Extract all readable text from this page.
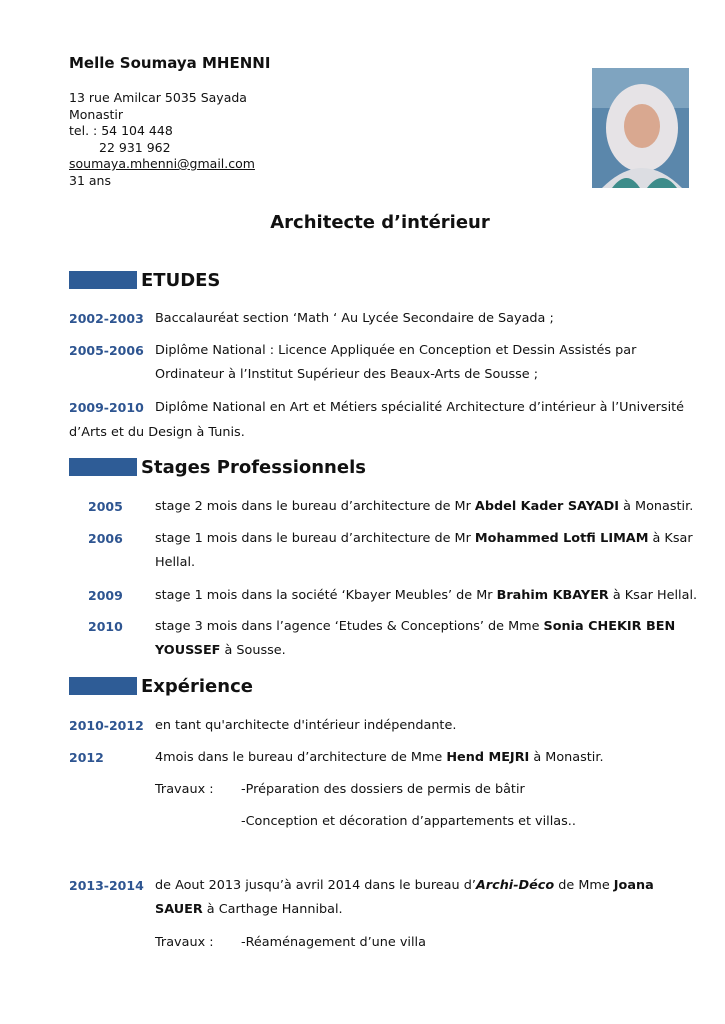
Melle Soumaya MHENNI
13 rue Amilcar 5035 Sayada
Monastir
tel. : 54 104 448
22 931 962
soumaya.mhenni@gmail.com
31 ans
Architecte d’intérieur
ETUDES
2002-2003 Baccalauréat section ‘Math ‘ Au Lycée Secondaire de Sayada ;
2005-2006 Diplôme National : Licence Appliquée en Conception et Dessin Assistés par
Ordinateur à l’Institut Supérieur des Beaux-Arts de Sousse ;
2009-2010 Diplôme National en Art et Métiers spécialité Architecture d’intérieur à l’Université
d’Arts et du Design à Tunis.
Stages Professionnels
2005	stage 2 mois dans le bureau d’architecture de Mr Abdel Kader SAYADI à Monastir.
2006	stage 1 mois dans le bureau d’architecture de Mr Mohammed Lotfi LIMAM à Ksar
Hellal.
2009	stage 1 mois dans la société ‘Kbayer Meubles’ de Mr Brahim KBAYER à Ksar Hellal.
2010	stage 3 mois dans l’agence ‘Etudes & Conceptions’ de Mme Sonia CHEKIR BEN
YOUSSEF à Sousse.
Expérience
2010-2012 en tant qu'architecte d'intérieur indépendante.
2012	4mois dans le bureau d’architecture de Mme Hend MEJRI à Monastir.
Travaux : -Préparation des dossiers de permis de bâtir
-Conception et décoration d’appartements et villas..
2013-2014 de Aout 2013 jusqu’à avril 2014 dans le bureau d’Archi-Déco de Mme Joana
SAUER à Carthage Hannibal.
Travaux : -Réaménagement d’une villa
